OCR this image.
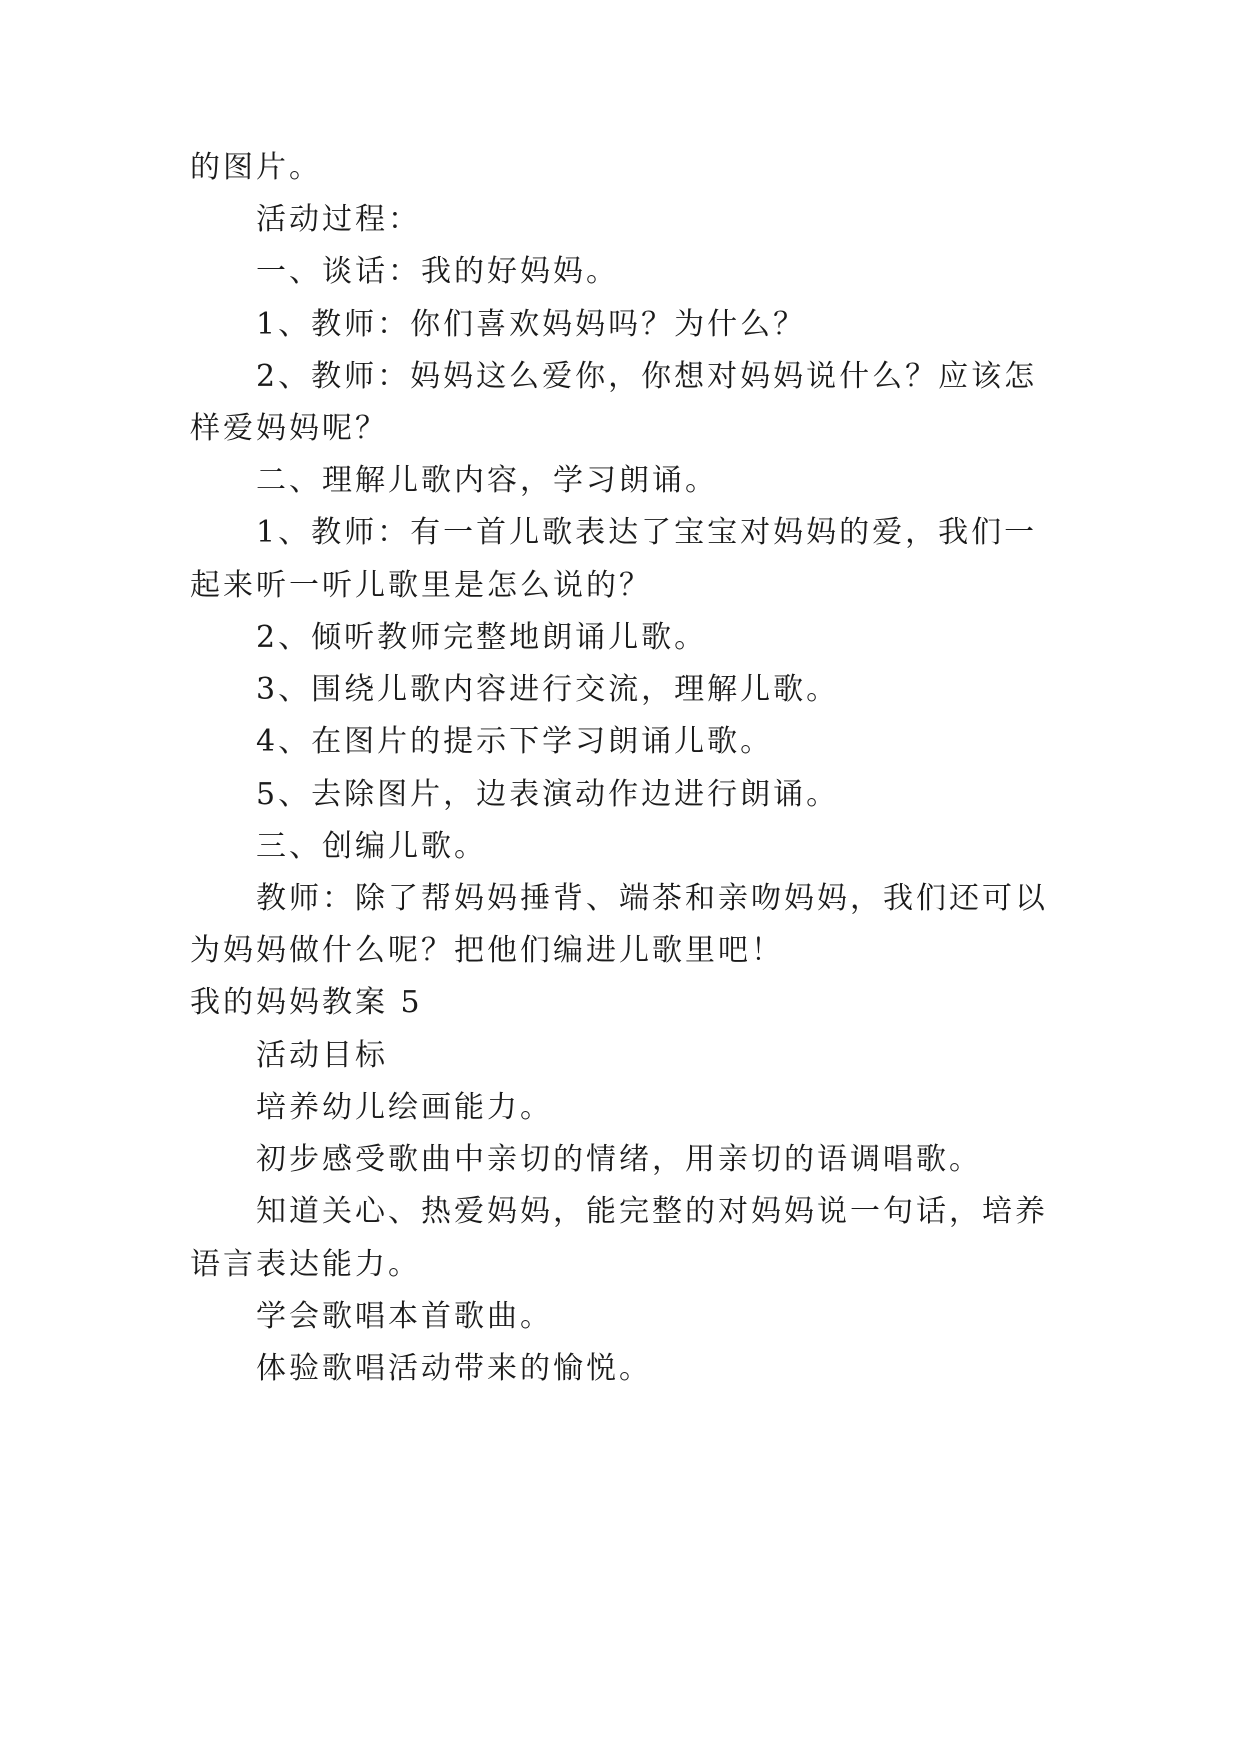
的图片。

活动过程：

一、谈话：我的好妈妈。

1、教师：你们喜欢妈妈吗？为什么？

2、教师：妈妈这么爱你，你想对妈妈说什么？应该怎

样爱妈妈呢？

二、理解儿歌内容，学习朗诵。

1、教师：有一首儿歌表达了宝宝对妈妈的爱，我们一

起来听一听儿歌里是怎么说的？

2、倾听教师完整地朗诵儿歌。

3、围绕儿歌内容进行交流，理解儿歌。

4、在图片的提示下学习朗诵儿歌。

5、去除图片，边表演动作边进行朗诵。

三、创编儿歌。

教师：除了帮妈妈捶背、端茶和亲吻妈妈，我们还可以

为妈妈做什么呢？把他们编进儿歌里吧！

我的妈妈教案 5

活动目标

培养幼儿绘画能力。

初步感受歌曲中亲切的情绪，用亲切的语调唱歌。

知道关心、热爱妈妈，能完整的对妈妈说一句话，培养

语言表达能力。

学会歌唱本首歌曲。

体验歌唱活动带来的愉悦。
